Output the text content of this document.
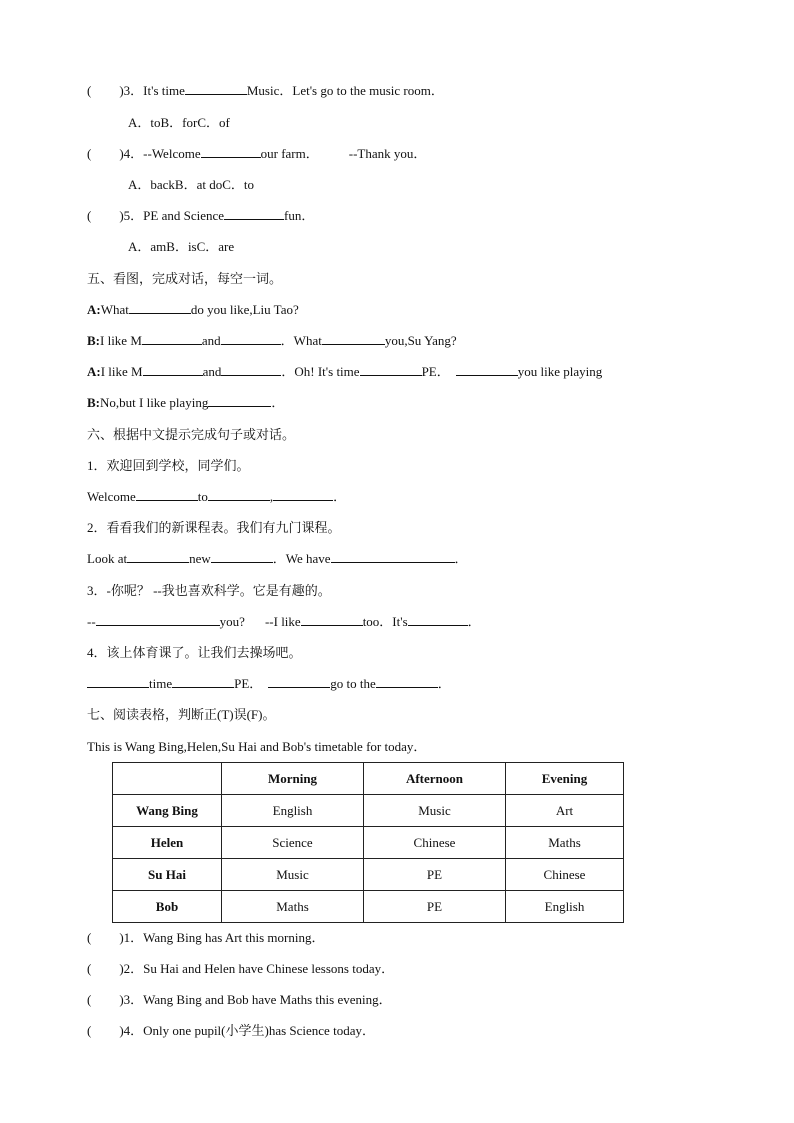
( )3．It's time	Music．Let's go to the music room．
A．toB．forC．of
( )4．--Welcome	our farm． --Thank you．
A．backB．at doC．to
( )5．PE and Science	fun．
A．amB．isC．are
五、看图，完成对话，每空一词。
A:What	do you like,Liu Tao?
B:I like M	and	．What	you,Su Yang?
A:I like M	and	．Oh! It's time	PE．	you like playing
B:No,but I like playing	．
六、根据中文提示完成句子或对话。
1．欢迎回到学校，同学们。
Welcome	to	,	．
2．看看我们的新课程表。我们有九门课程。
Look at	new	．We have	．
3．-你呢？ --我也喜欢科学。它是有趣的。
--	you? --I like	too．It's	．
4．该上体育课了。让我们去操场吧。
time	PE．	go to the	．
七、阅读表格，判断正(T)误(F)。
This is Wang Bing,Helen,Su Hai and Bob's timetable for today．
	Morning	Afternoon	Evening
Wang Bing	English	Music	Art
Helen	Science	Chinese	Maths
Su Hai	Music	PE	Chinese
Bob	Maths	PE	English
( )1．Wang Bing has Art this morning．
( )2．Su Hai and Helen have Chinese lessons today．
( )3．Wang Bing and Bob have Maths this evening．
( )4．Only one pupil(小学生)has Science today．
